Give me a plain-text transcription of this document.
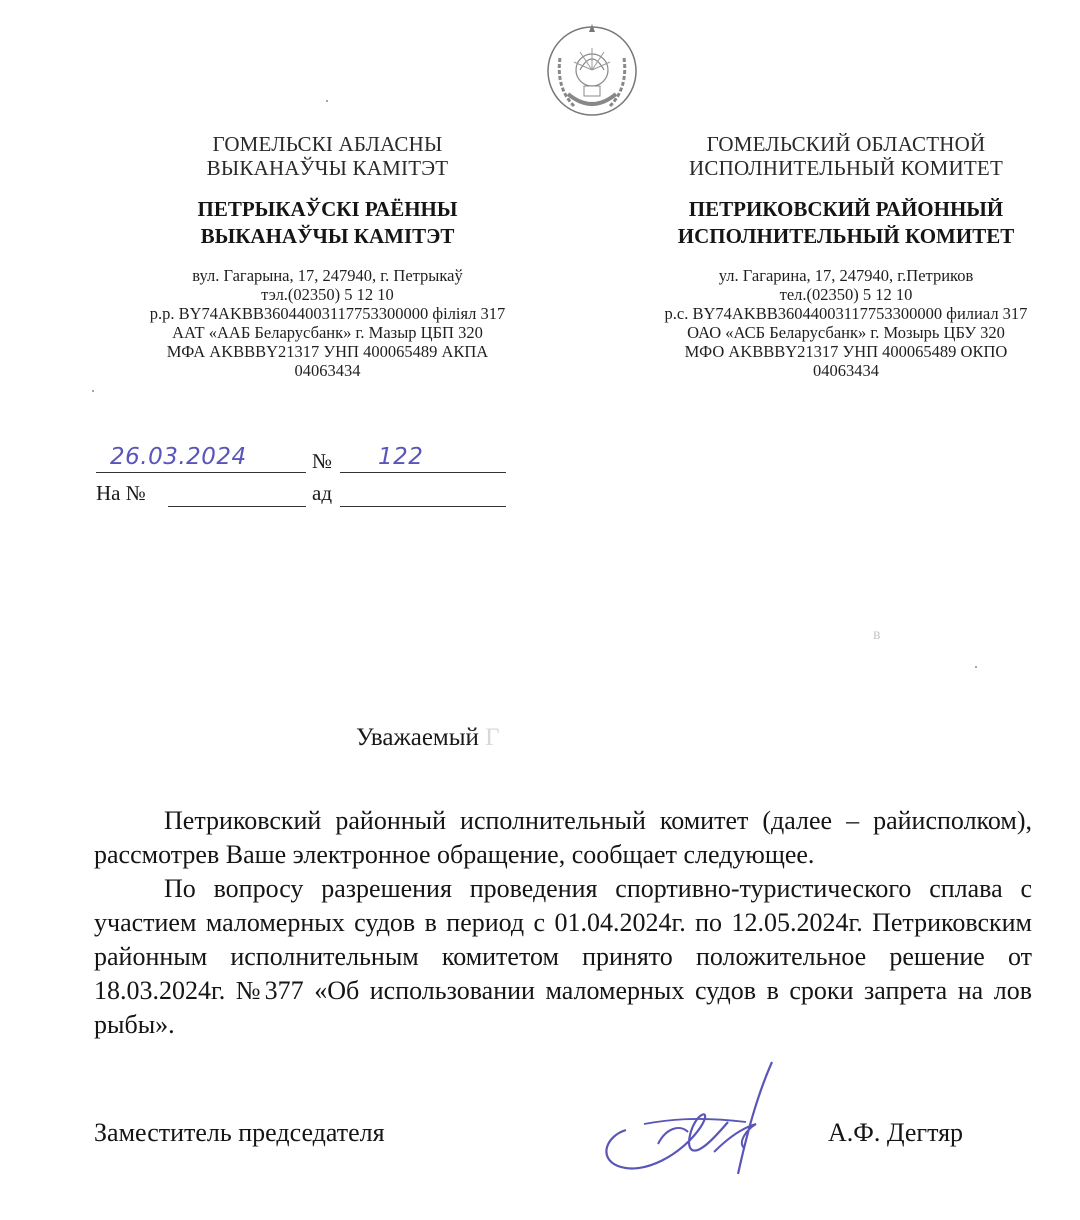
ГОМЕЛЬСКІ АБЛАСНЫ
ВЫКАНАЎЧЫ КАМІТЭТ
ПЕТРЫКАЎСКІ РАЁННЫ
ВЫКАНАЎЧЫ КАМІТЭТ
вул. Гагарына, 17, 247940, г. Петрыкаў
тэл.(02350) 5 12 10
р.р. BY74AKBB36044003117753300000 філіял 317
ААТ «ААБ Беларусбанк» г. Мазыр ЦБП 320
МФА AKBBBY21317 УНП 400065489 АКПА
04063434
ГОМЕЛЬСКИЙ ОБЛАСТНОЙ
ИСПОЛНИТЕЛЬНЫЙ КОМИТЕТ
ПЕТРИКОВСКИЙ РАЙОННЫЙ
ИСПОЛНИТЕЛЬНЫЙ КОМИТЕТ
ул. Гагарина, 17, 247940, г.Петриков
тел.(02350) 5 12 10
р.с. BY74AKBB36044003117753300000 филиал 317
ОАО «АСБ Беларусбанк» г. Мозырь ЦБУ 320
МФО AKBBBY21317 УНП 400065489 ОКПО
04063434
26.03.2024	№ 122
На №	ад
в
Уважаемый Г

Петриковский районный исполнительный комитет (далее – райисполком), рассмотрев Ваше электронное обращение, сообщает следующее.

По вопросу разрешения проведения спортивно-туристического сплава с участием маломерных судов в период с 01.04.2024г. по 12.05.2024г. Петриковским районным исполнительным комитетом принято положительное решение от 18.03.2024г. №377 «Об использовании маломерных судов в сроки запрета на лов рыбы».

Заместитель председателя	А.Ф. Дегтяр
